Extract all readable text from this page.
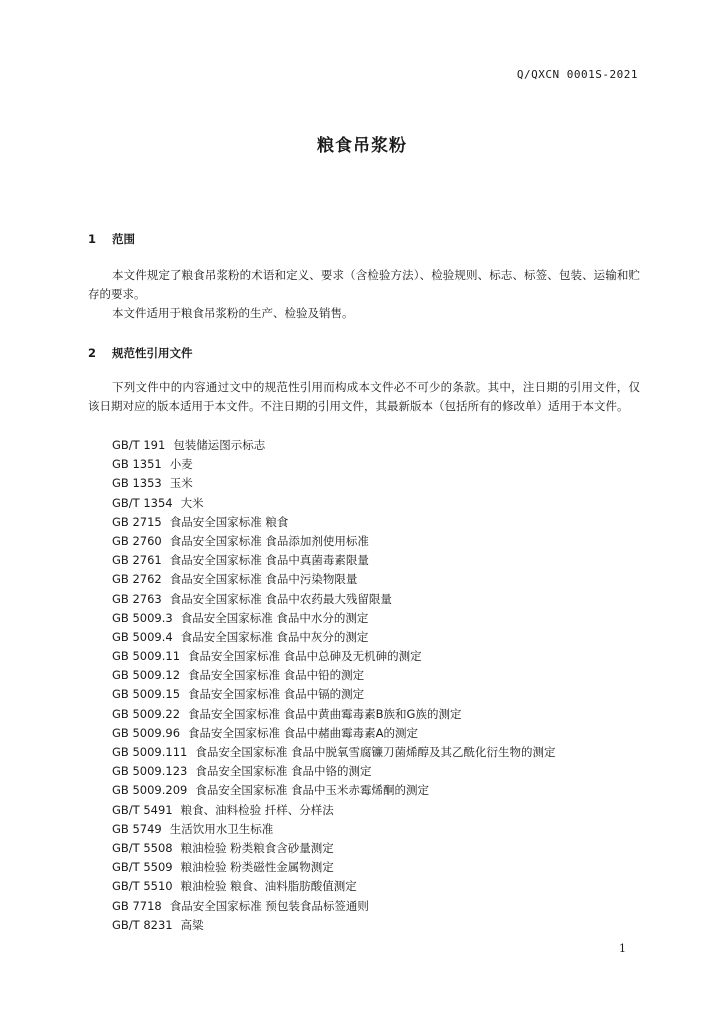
Q/QXCN 0001S-2021
粮食吊浆粉
1 范围
本文件规定了粮食吊浆粉的术语和定义、要求（含检验方法）、检验规则、标志、标签、包装、运输和贮存的要求。
本文件适用于粮食吊浆粉的生产、检验及销售。
2 规范性引用文件
下列文件中的内容通过文中的规范性引用而构成本文件必不可少的条款。其中，注日期的引用文件，仅该日期对应的版本适用于本文件。不注日期的引用文件，其最新版本（包括所有的修改单）适用于本文件。
GB/T 191 包装储运图示标志
GB 1351 小麦
GB 1353 玉米
GB/T 1354 大米
GB 2715 食品安全国家标准 粮食
GB 2760 食品安全国家标准 食品添加剂使用标准
GB 2761 食品安全国家标准 食品中真菌毒素限量
GB 2762 食品安全国家标准 食品中污染物限量
GB 2763 食品安全国家标准 食品中农药最大残留限量
GB 5009.3 食品安全国家标准 食品中水分的测定
GB 5009.4 食品安全国家标准 食品中灰分的测定
GB 5009.11 食品安全国家标准 食品中总砷及无机砷的测定
GB 5009.12 食品安全国家标准 食品中铅的测定
GB 5009.15 食品安全国家标准 食品中镉的测定
GB 5009.22 食品安全国家标准 食品中黄曲霉毒素B族和G族的测定
GB 5009.96 食品安全国家标准 食品中赭曲霉毒素A的测定
GB 5009.111 食品安全国家标准 食品中脱氧雪腐镰刀菌烯醇及其乙酰化衍生物的测定
GB 5009.123 食品安全国家标准 食品中铬的测定
GB 5009.209 食品安全国家标准 食品中玉米赤霉烯酮的测定
GB/T 5491 粮食、油料检验 扦样、分样法
GB 5749 生活饮用水卫生标准
GB/T 5508 粮油检验 粉类粮食含砂量测定
GB/T 5509 粮油检验 粉类磁性金属物测定
GB/T 5510 粮油检验 粮食、油料脂肪酸值测定
GB 7718 食品安全国家标准 预包装食品标签通则
GB/T 8231 高粱
1
